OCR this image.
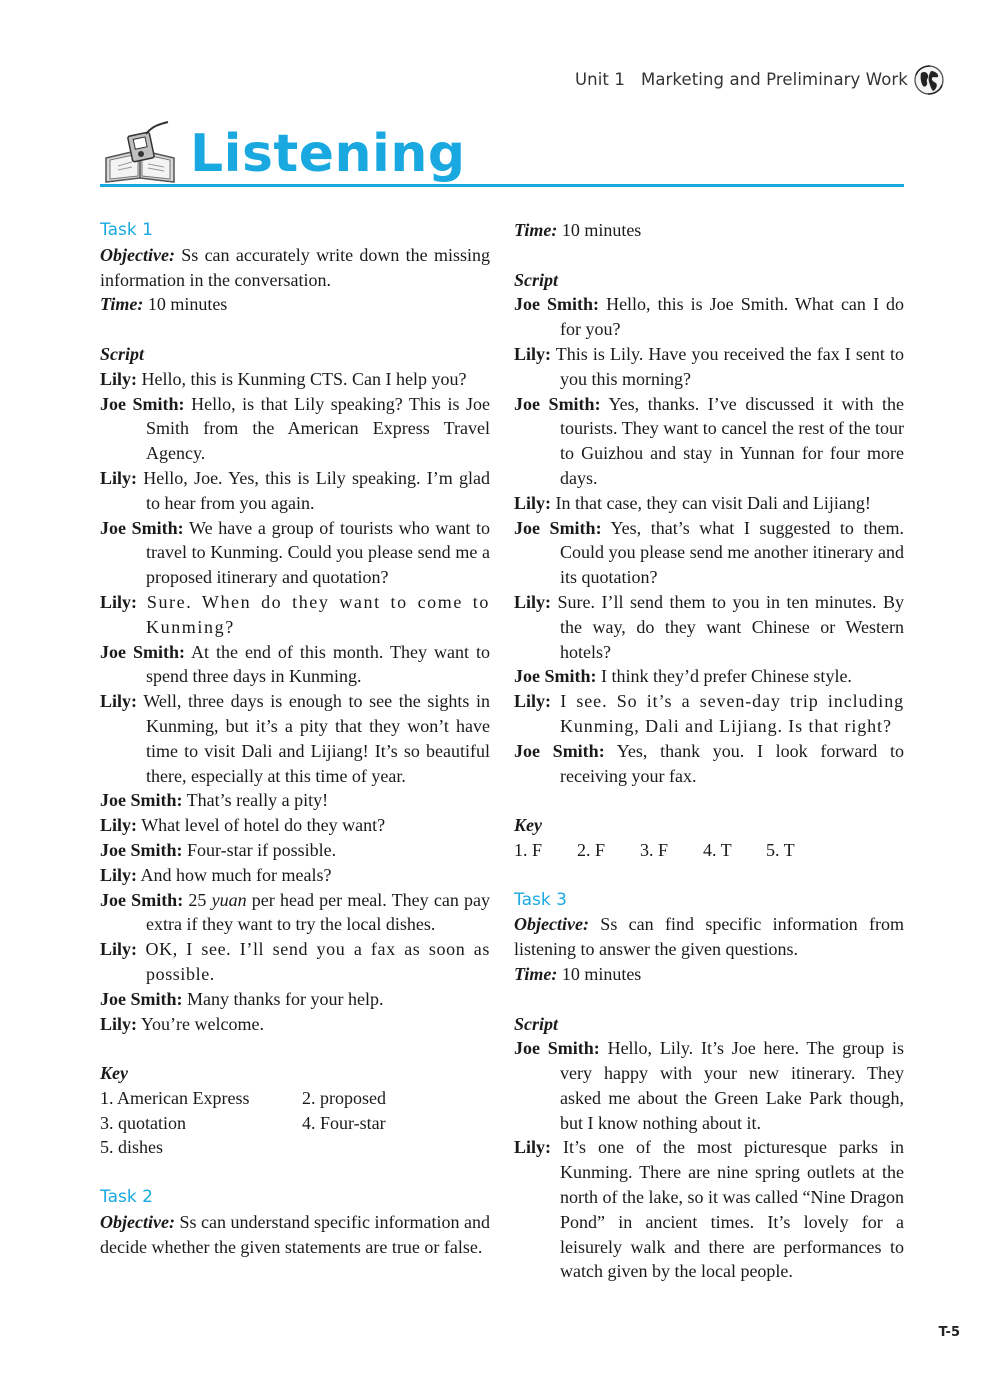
Unit 1 Marketing and Preliminary Work
Listening
Task 1
Objective: Ss can accurately write down the missing information in the conversation.
Time: 10 minutes
Script
Lily: Hello, this is Kunming CTS. Can I help you?
Joe Smith: Hello, is that Lily speaking? This is Joe Smith from the American Express Travel Agency.
Lily: Hello, Joe. Yes, this is Lily speaking. I’m glad to hear from you again.
Joe Smith: We have a group of tourists who want to travel to Kunming. Could you please send me a proposed itinerary and quotation?
Lily: Sure. When do they want to come to Kunming?
Joe Smith: At the end of this month. They want to spend three days in Kunming.
Lily: Well, three days is enough to see the sights in Kunming, but it’s a pity that they won’t have time to visit Dali and Lijiang! It’s so beautiful there, especially at this time of year.
Joe Smith: That’s really a pity!
Lily: What level of hotel do they want?
Joe Smith: Four-star if possible.
Lily: And how much for meals?
Joe Smith: 25 yuan per head per meal. They can pay extra if they want to try the local dishes.
Lily: OK, I see. I’ll send you a fax as soon as possible.
Joe Smith: Many thanks for your help.
Lily: You’re welcome.
Key
1. American Express	2. proposed
3. quotation	4. Four-star
5. dishes
Task 2
Objective: Ss can understand specific information and decide whether the given statements are true or false.
Time: 10 minutes
Script
Joe Smith: Hello, this is Joe Smith. What can I do for you?
Lily: This is Lily. Have you received the fax I sent to you this morning?
Joe Smith: Yes, thanks. I’ve discussed it with the tourists. They want to cancel the rest of the tour to Guizhou and stay in Yunnan for four more days.
Lily: In that case, they can visit Dali and Lijiang!
Joe Smith: Yes, that’s what I suggested to them. Could you please send me another itinerary and its quotation?
Lily: Sure. I’ll send them to you in ten minutes. By the way, do they want Chinese or Western hotels?
Joe Smith: I think they’d prefer Chinese style.
Lily: I see. So it’s a seven-day trip including Kunming, Dali and Lijiang. Is that right?
Joe Smith: Yes, thank you. I look forward to receiving your fax.
Key
1. F	2. F	3. F	4. T	5. T
Task 3
Objective: Ss can find specific information from listening to answer the given questions.
Time: 10 minutes
Script
Joe Smith: Hello, Lily. It’s Joe here. The group is very happy with your new itinerary. They asked me about the Green Lake Park though, but I know nothing about it.
Lily: It’s one of the most picturesque parks in Kunming. There are nine spring outlets at the north of the lake, so it was called “Nine Dragon Pond” in ancient times. It’s lovely for a leisurely walk and there are performances to watch given by the local people.
T-5
